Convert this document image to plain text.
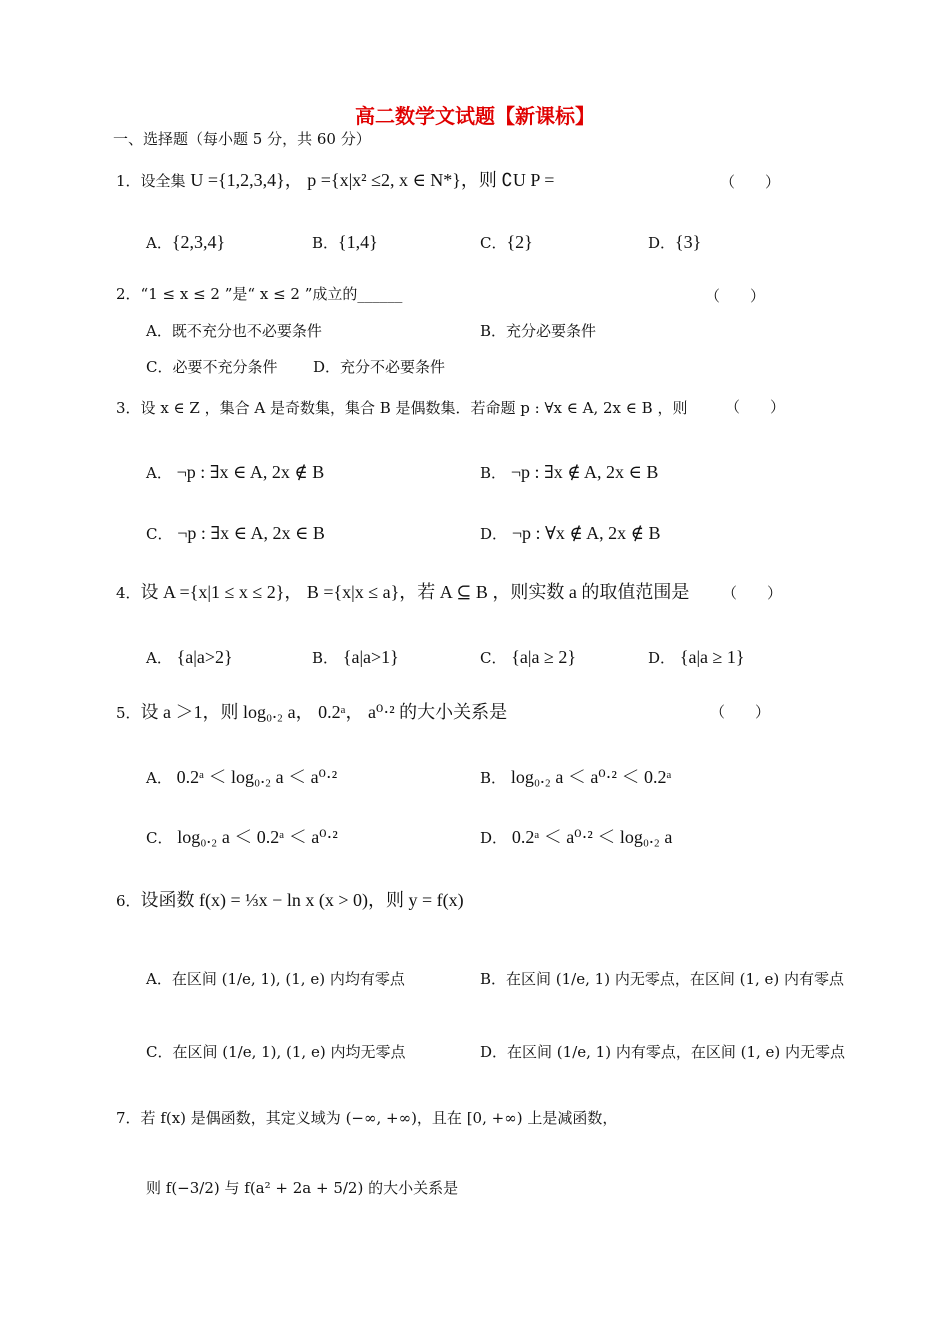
高二数学文试题【新课标】
一、选择题（每小题 5 分，共 60 分）
1．设全集 U ={1,2,3,4}， p ={x|x² ≤2, x ∈ N*}，则 ∁U P =	（　　）
A．{2,3,4}	B．{1,4}	C．{2}	D．{3}
2．“1 ≤ x ≤ 2 ”是“ x ≤ 2 ”成立的______	（　　）
A．既不充分也不必要条件	B．充分必要条件
C．必要不充分条件 D．充分不必要条件
3．设 x ∈ Z ，集合 A 是奇数集，集合 B 是偶数集．若命题 p : ∀x ∈ A, 2x ∈ B ，则	（　　）
A． ¬p : ∃x ∈ A, 2x ∉ B	B． ¬p : ∃x ∉ A, 2x ∈ B
C． ¬p : ∃x ∈ A, 2x ∈ B	D． ¬p : ∀x ∉ A, 2x ∉ B
4．设 A ={x|1 ≤ x ≤ 2}， B ={x|x ≤ a}，若 A ⊆ B ，则实数 a 的取值范围是 （　　）
A． {a|a>2}	B． {a|a>1}	C． {a|a ≥ 2}	D． {a|a ≥ 1}
5．设 a ＞1，则 log₀.₂ a， 0.2ᵃ， a⁰·² 的大小关系是	（　　）
A． 0.2ᵃ ＜ log₀.₂ a ＜ a⁰·²	B． log₀.₂ a ＜ a⁰·² ＜ 0.2ᵃ
C． log₀.₂ a ＜ 0.2ᵃ ＜ a⁰·²	D． 0.2ᵃ ＜ a⁰·² ＜ log₀.₂ a
6．设函数 f(x) = ⅓x − ln x (x > 0)，则 y = f(x)
A．在区间 (1/e, 1), (1, e) 内均有零点	B．在区间 (1/e, 1) 内无零点，在区间 (1, e) 内有零点
C．在区间 (1/e, 1), (1, e) 内均无零点	D．在区间 (1/e, 1) 内有零点，在区间 (1, e) 内无零点
7．若 f(x) 是偶函数，其定义域为 (−∞, +∞)，且在 [0, +∞) 上是减函数，
则 f(−3/2) 与 f(a² + 2a + 5/2) 的大小关系是
